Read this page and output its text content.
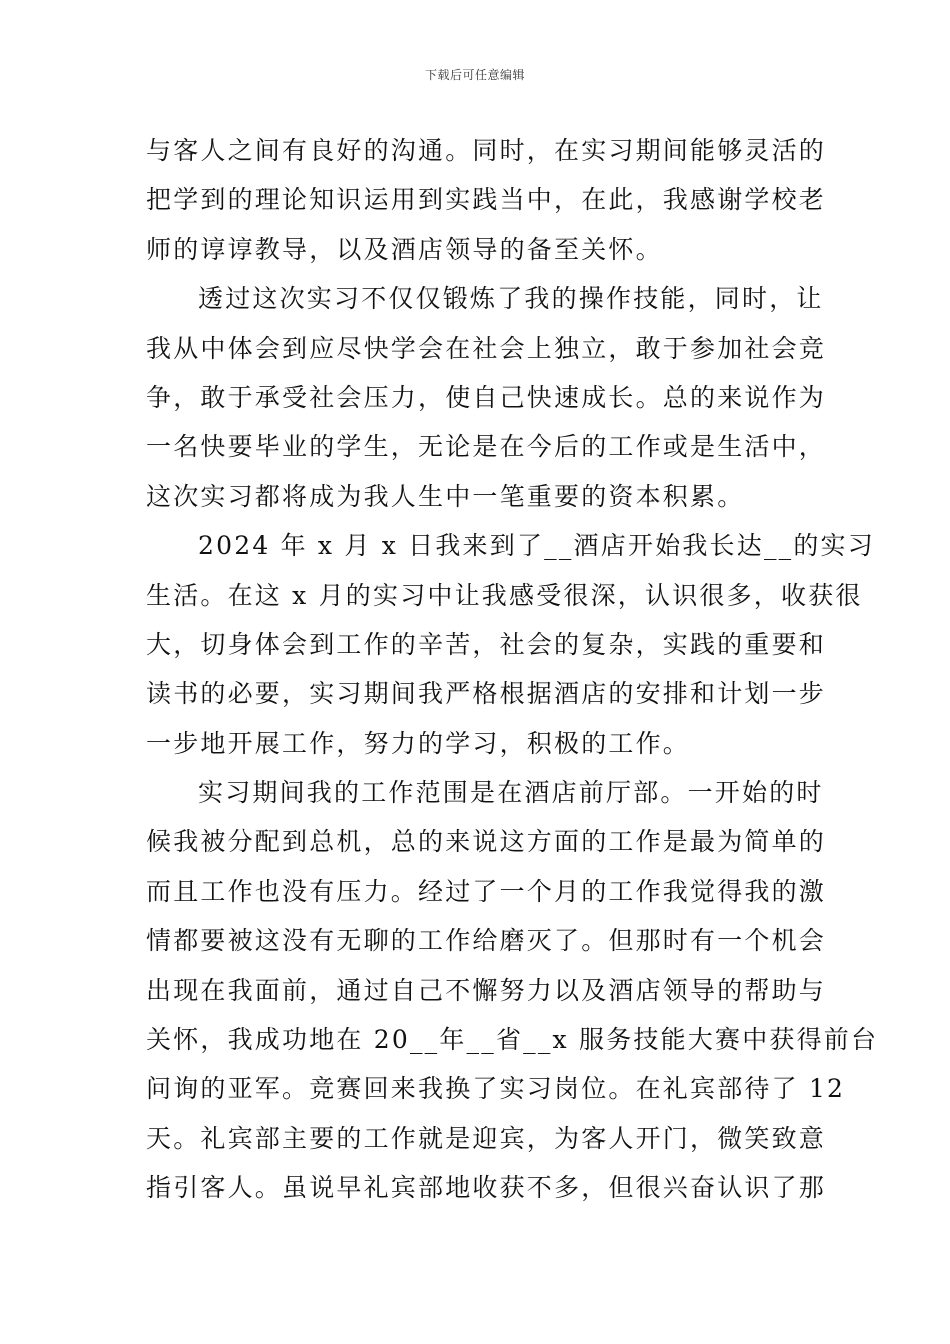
下载后可任意编辑
与客人之间有良好的沟通。同时，在实习期间能够灵活的
把学到的理论知识运用到实践当中，在此，我感谢学校老
师的谆谆教导，以及酒店领导的备至关怀。
透过这次实习不仅仅锻炼了我的操作技能，同时，让
我从中体会到应尽快学会在社会上独立，敢于参加社会竞
争，敢于承受社会压力，使自己快速成长。总的来说作为
一名快要毕业的学生，无论是在今后的工作或是生活中，
这次实习都将成为我人生中一笔重要的资本积累。
2024 年 x 月 x 日我来到了__酒店开始我长达__的实习
生活。在这 x 月的实习中让我感受很深，认识很多，收获很
大，切身体会到工作的辛苦，社会的复杂，实践的重要和
读书的必要，实习期间我严格根据酒店的安排和计划一步
一步地开展工作，努力的学习，积极的工作。
实习期间我的工作范围是在酒店前厅部。一开始的时
候我被分配到总机，总的来说这方面的工作是最为简单的
而且工作也没有压力。经过了一个月的工作我觉得我的激
情都要被这没有无聊的工作给磨灭了。但那时有一个机会
出现在我面前，通过自己不懈努力以及酒店领导的帮助与
关怀，我成功地在 20__年__省__x 服务技能大赛中获得前台
问询的亚军。竞赛回来我换了实习岗位。在礼宾部待了 12
天。礼宾部主要的工作就是迎宾，为客人开门，微笑致意
指引客人。虽说早礼宾部地收获不多，但很兴奋认识了那
